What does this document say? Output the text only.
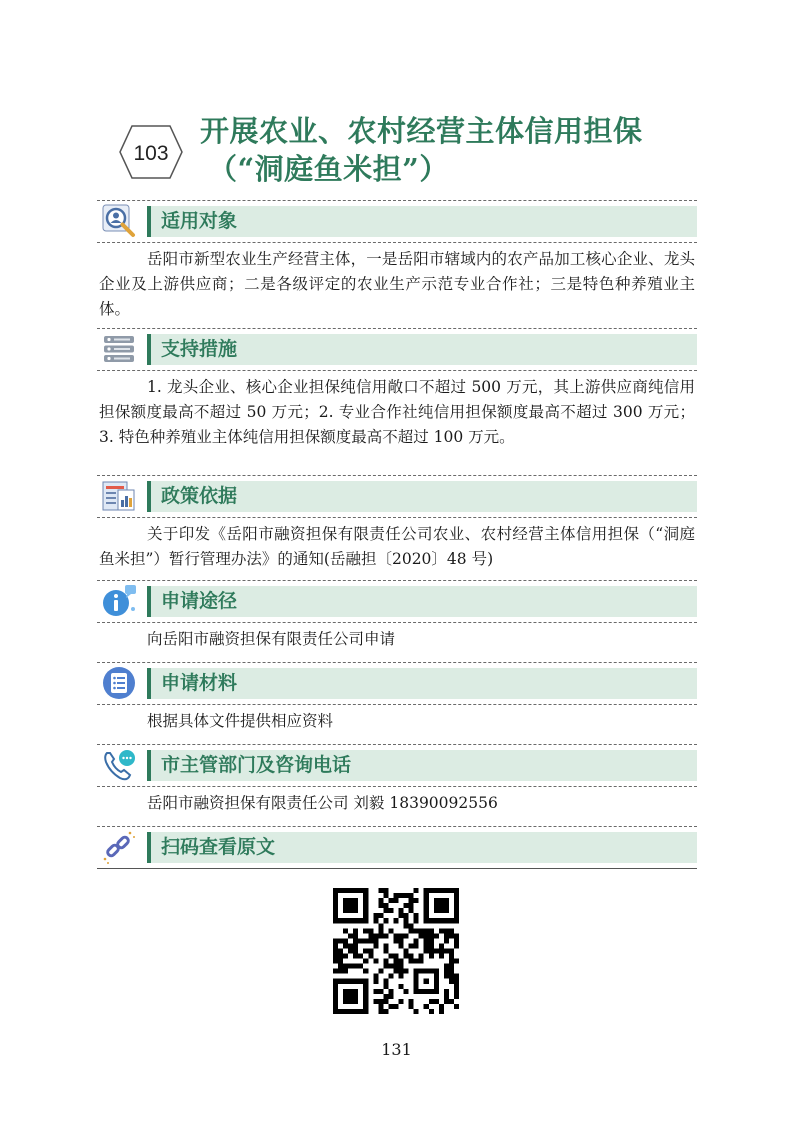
103
开展农业、农村经营主体信用担保
（“洞庭鱼米担”）
适用对象
岳阳市新型农业生产经营主体，一是岳阳市辖域内的农产品加工核心企业、龙头企业及上游供应商；二是各级评定的农业生产示范专业合作社；三是特色种养殖业主体。
支持措施
1. 龙头企业、核心企业担保纯信用敞口不超过 500 万元，其上游供应商纯信用担保额度最高不超过 50 万元；2. 专业合作社纯信用担保额度最高不超过 300 万元；3. 特色种养殖业主体纯信用担保额度最高不超过 100 万元。
政策依据
关于印发《岳阳市融资担保有限责任公司农业、农村经营主体信用担保（“洞庭鱼米担”）暂行管理办法》的通知(岳融担〔2020〕48 号)
申请途径
向岳阳市融资担保有限责任公司申请
申请材料
根据具体文件提供相应资料
市主管部门及咨询电话
岳阳市融资担保有限责任公司 刘毅 18390092556
扫码查看原文
131
